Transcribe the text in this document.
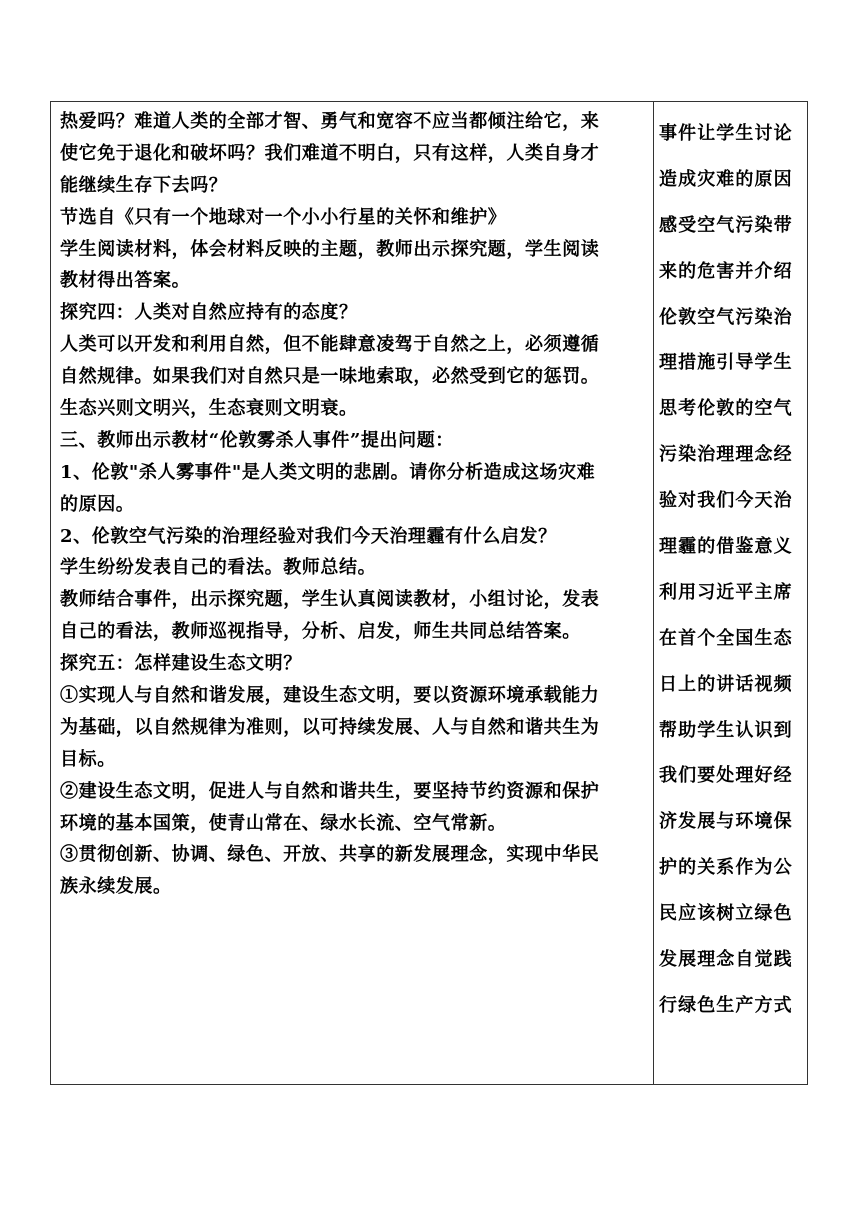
热爱吗？难道人类的全部才智、勇气和宽容不应当都倾注给它，来
使它免于退化和破坏吗？我们难道不明白，只有这样，人类自身才
能继续生存下去吗？
节选自《只有一个地球对一个小小行星的关怀和维护》
学生阅读材料，体会材料反映的主题，教师出示探究题，学生阅读
教材得出答案。
探究四：人类对自然应持有的态度？
人类可以开发和利用自然，但不能肆意凌驾于自然之上，必须遵循
自然规律。如果我们对自然只是一味地索取，必然受到它的惩罚。
生态兴则文明兴，生态衰则文明衰。
三、教师出示教材“伦敦雾杀人事件”提出问题：
1、伦敦"杀人雾事件"是人类文明的悲剧。请你分析造成这场灾难
的原因。
2、伦敦空气污染的治理经验对我们今天治理霾有什么启发？
学生纷纷发表自己的看法。教师总结。
教师结合事件，出示探究题，学生认真阅读教材，小组讨论，发表
自己的看法，教师巡视指导，分析、启发，师生共同总结答案。
探究五：怎样建设生态文明？
①实现人与自然和谐发展，建设生态文明，要以资源环境承载能力
为基础，以自然规律为准则，以可持续发展、人与自然和谐共生为
目标。
②建设生态文明，促进人与自然和谐共生，要坚持节约资源和保护
环境的基本国策，使青山常在、绿水长流、空气常新。
③贯彻创新、协调、绿色、开放、共享的新发展理念，实现中华民
族永续发展。
事件让学生讨论
造成灾难的原因
感受空气污染带
来的危害并介绍
伦敦空气污染治
理措施引导学生
思考伦敦的空气
污染治理理念经
验对我们今天治
理霾的借鉴意义
利用习近平主席
在首个全国生态
日上的讲话视频
帮助学生认识到
我们要处理好经
济发展与环境保
护的关系作为公
民应该树立绿色
发展理念自觉践
行绿色生产方式
